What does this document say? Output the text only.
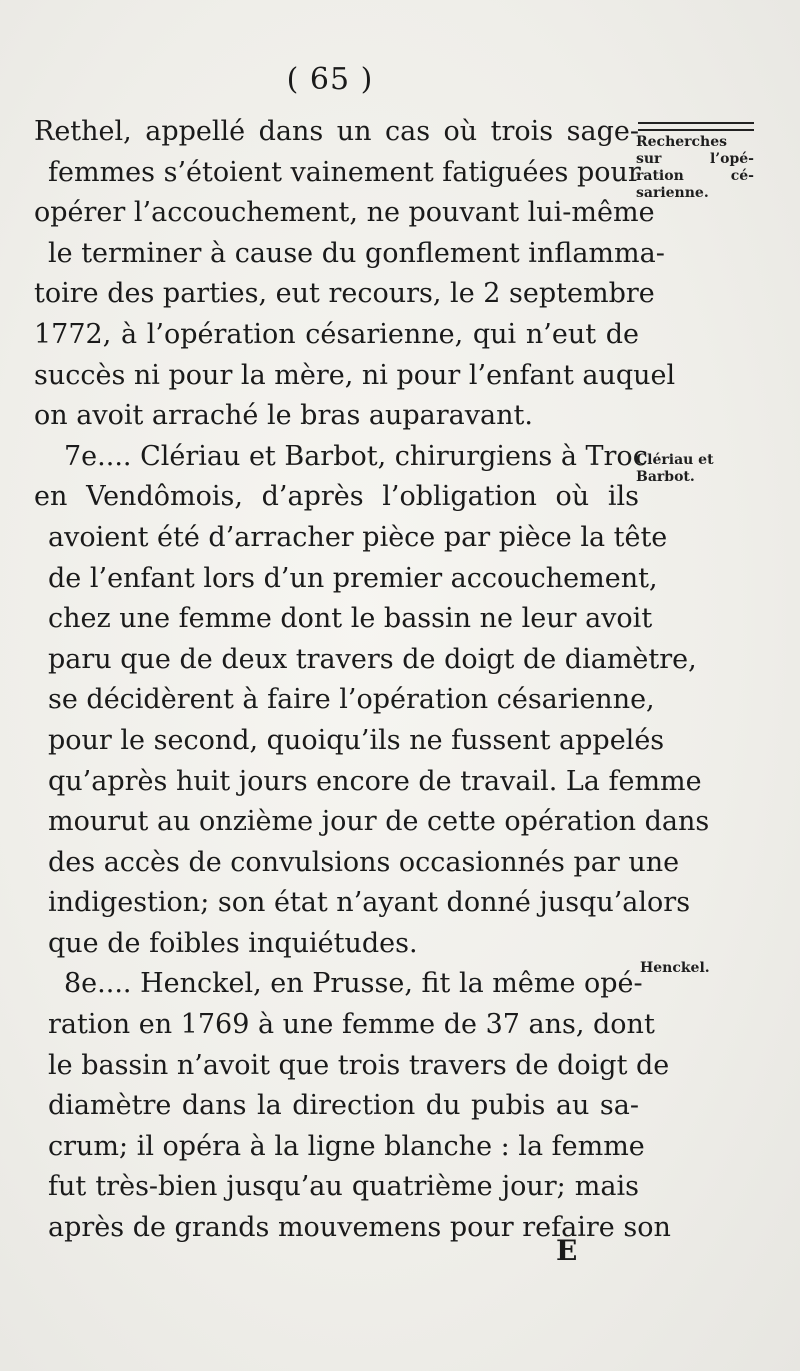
( 65 )
Rethel, appellé dans un cas où trois sage-
femmes s’étoient vainement fatiguées pour
opérer l’accouchement, ne pouvant lui-même
le terminer à cause du gonflement inflamma-
toire des parties, eut recours, le 2 septembre
1772, à l’opération césarienne, qui n’eut de
succès ni pour la mère, ni pour l’enfant auquel
on avoit arraché le bras auparavant.
7e.... Clériau et Barbot, chirurgiens à Troc
en Vendômois, d’après l’obligation où ils
avoient été d’arracher pièce par pièce la tête
de l’enfant lors d’un premier accouchement,
chez une femme dont le bassin ne leur avoit
paru que de deux travers de doigt de diamètre,
se décidèrent à faire l’opération césarienne,
pour le second, quoiqu’ils ne fussent appelés
qu’après huit jours encore de travail. La femme
mourut au onzième jour de cette opération dans
des accès de convulsions occasionnés par une
indigestion; son état n’ayant donné jusqu’alors
que de foibles inquiétudes.
8e.... Henckel, en Prusse, fit la même opé-
ration en 1769 à une femme de 37 ans, dont
le bassin n’avoit que trois travers de doigt de
diamètre dans la direction du pubis au sa-
crum; il opéra à la ligne blanche : la femme
fut très-bien jusqu’au quatrième jour; mais
après de grands mouvemens pour refaire son
Recherches
sur l’opé-
ration cé-
sarienne.
Clériau et
Barbot.
Henckel.
E
